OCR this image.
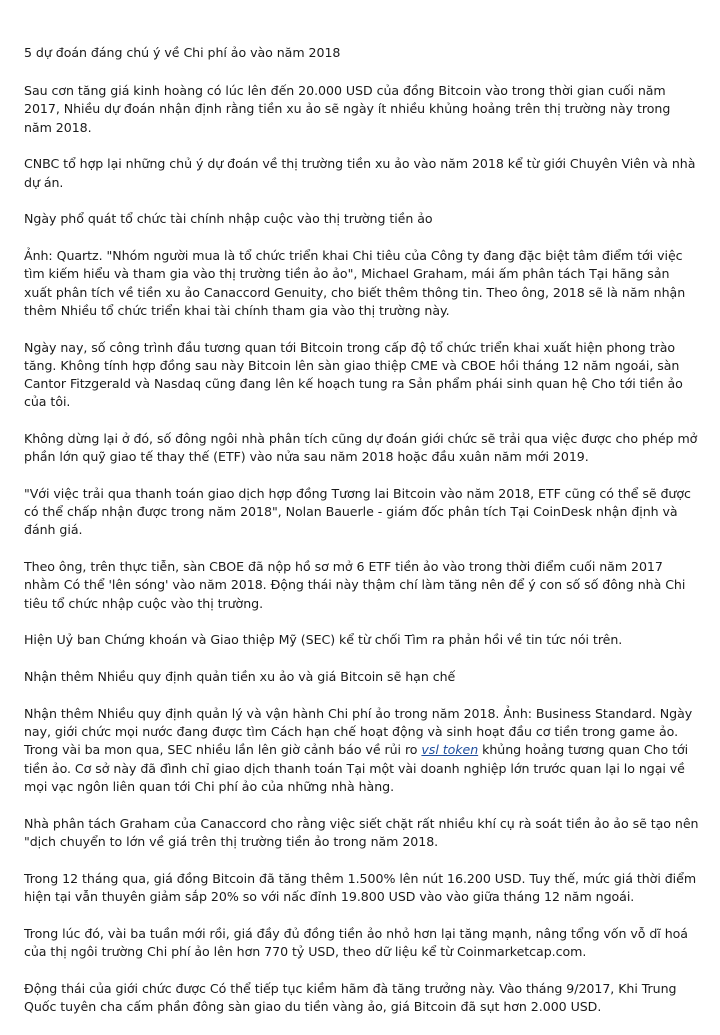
5 dự đoán đáng chú ý về Chi phí ảo vào năm 2018

Sau cơn tăng giá kinh hoàng có lúc lên đến 20.000 USD của đồng Bitcoin vào trong thời gian cuối năm 2017, Nhiều dự đoán nhận định rằng tiền xu ảo sẽ ngày ít nhiều khủng hoảng trên thị trường này trong năm 2018.

CNBC tổ hợp lại những chủ ý dự đoán về thị trường tiền xu ảo vào năm 2018 kể từ giới Chuyên Viên và nhà dự án.

Ngày phổ quát tổ chức tài chính nhập cuộc vào thị trường tiền ảo

Ảnh: Quartz. "Nhóm người mua là tổ chức triển khai Chi tiêu của Công ty đang đặc biệt tâm điểm tới việc tìm kiếm hiểu và tham gia vào thị trường tiền ảo ảo", Michael Graham, mái ấm phân tách Tại hãng sản xuất phân tích về tiền xu ảo Canaccord Genuity, cho biết thêm thông tin. Theo ông, 2018 sẽ là năm nhận thêm Nhiều tổ chức triển khai tài chính tham gia vào thị trường này.

Ngày nay, số công trình đầu tương quan tới Bitcoin trong cấp độ tổ chức triển khai xuất hiện phong trào tăng. Không tính hợp đồng sau này Bitcoin lên sàn giao thiệp CME và CBOE hồi tháng 12 năm ngoái, sàn Cantor Fitzgerald và Nasdaq cũng đang lên kế hoạch tung ra Sản phẩm phái sinh quan hệ Cho tới tiền ảo của tôi.

Không dừng lại ở đó, số đông ngôi nhà phân tích cũng dự đoán giới chức sẽ trải qua việc được cho phép mở phần lớn quỹ giao tế thay thế (ETF) vào nửa sau năm 2018 hoặc đầu xuân năm mới 2019.

"Với việc trải qua thanh toán giao dịch hợp đồng Tương lai Bitcoin vào năm 2018, ETF cũng có thể sẽ được có thể chấp nhận được trong năm 2018", Nolan Bauerle - giám đốc phân tích Tại CoinDesk nhận định và đánh giá.

Theo ông, trên thực tiễn, sàn CBOE đã nộp hồ sơ mở 6 ETF tiền ảo vào trong thời điểm cuối năm 2017 nhằm Có thể 'lên sóng' vào năm 2018. Động thái này thậm chí làm tăng nên để ý con số số đông nhà Chi tiêu tổ chức nhập cuộc vào thị trường.

Hiện Uỷ ban Chứng khoán và Giao thiệp Mỹ (SEC) kể từ chối Tìm ra phản hồi về tin tức nói trên.

Nhận thêm Nhiều quy định quản tiền xu ảo và giá Bitcoin sẽ hạn chế

Nhận thêm Nhiều quy định quản lý và vận hành Chi phí ảo trong năm 2018. Ảnh: Business Standard. Ngày nay, giới chức mọi nước đang được tìm Cách hạn chế hoạt động và sinh hoạt đầu cơ tiền trong game ảo. Trong vài ba mon qua, SEC nhiều lần lên giờ cảnh báo về rủi ro vsl token khủng hoảng tương quan Cho tới tiền ảo. Cơ sở này đã đình chỉ giao dịch thanh toán Tại một vài doanh nghiệp lớn trước quan lại lo ngại về mọi vạc ngôn liên quan tới Chi phí ảo của những nhà hàng.

Nhà phân tách Graham của Canaccord cho rằng việc siết chặt rất nhiều khí cụ rà soát tiền ảo ảo sẽ tạo nên "dịch chuyển to lớn về giá trên thị trường tiền ảo trong năm 2018.

Trong 12 tháng qua, giá đồng Bitcoin đã tăng thêm 1.500% lên nút 16.200 USD. Tuy thế, mức giá thời điểm hiện tại vẫn thuyên giảm sắp 20% so với nấc đỉnh 19.800 USD vào vào giữa tháng 12 năm ngoái.

Trong lúc đó, vài ba tuần mới rồi, giá đầy đủ đồng tiền ảo nhỏ hơn lại tăng mạnh, nâng tổng vốn vỗ dĩ hoá của thị ngôi trường Chi phí ảo lên hơn 770 tỷ USD, theo dữ liệu kể từ Coinmarketcap.com.

Động thái của giới chức được Có thể tiếp tục kiềm hãm đà tăng trưởng này. Vào tháng 9/2017, Khi Trung Quốc tuyên cha cấm phần đông sàn giao du tiền vàng ảo, giá Bitcoin đã sụt hơn 2.000 USD.
